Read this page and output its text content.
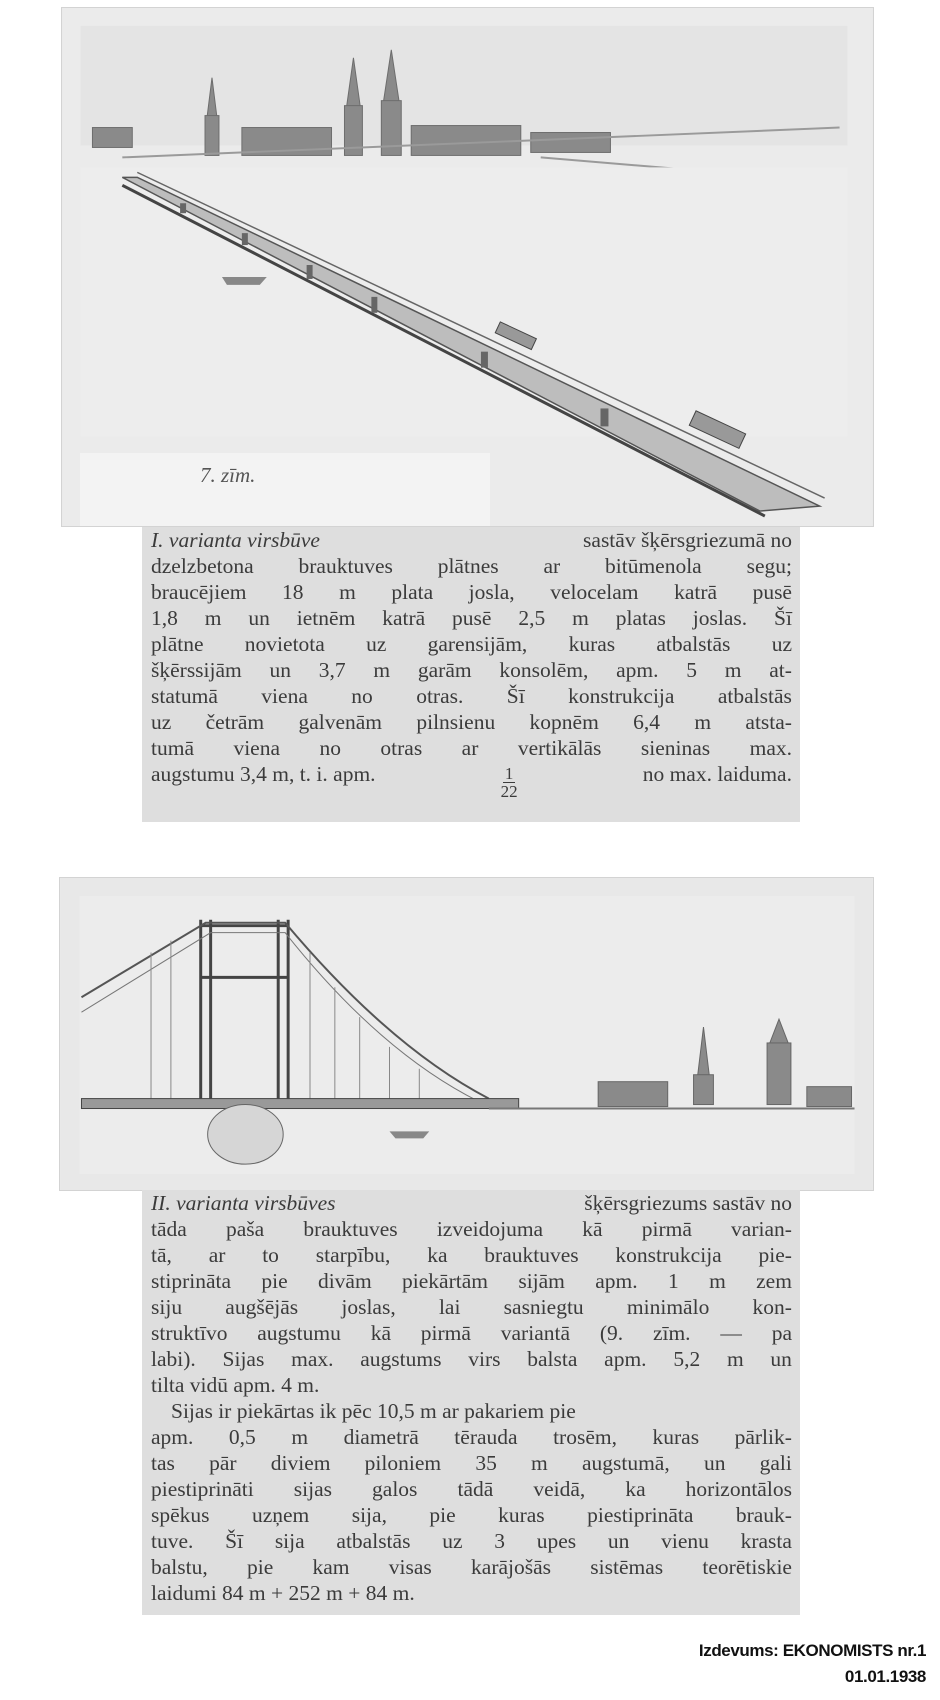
7. zīm.
I. varianta virsbūve	sastāv šķērsgriezumā no
dzelzbetona brauktuves plātnes ar bitūmenola segu;
braucējiem 18 m plata josla, velocelam katrā pusē
1,8 m un ietnēm katrā pusē 2,5 m platas joslas. Šī
plātne novietota uz garensijām, kuras atbalstās uz
šķērssijām un 3,7 m garām konsolēm, apm. 5 m at-
statumā viena no otras. Šī konstrukcija atbalstās
uz četrām galvenām pilnsienu kopnēm 6,4 m atsta-
tumā viena no otras ar vertikālās sieninas max.
augstumu 3,4 m, t. i. apm.	$\frac{1}{22}$	no max. laiduma.
II. varianta virsbūves	šķērsgriezums sastāv no
tāda paša brauktuves izveidojuma kā pirmā varian-
tā, ar to starpību, ka brauktuves konstrukcija pie-
stiprināta pie divām piekārtām sijām apm. 1 m zem
siju augšējās joslas, lai sasniegtu minimālo kon-
struktīvo augstumu kā pirmā variantā (9. zīm. — pa
labi). Sijas max. augstums virs balsta apm. 5,2 m un
tilta vidū apm. 4 m.
Sijas ir piekārtas ik pēc 10,5 m ar pakariem pie
apm. 0,5 m diametrā tērauda trosēm, kuras pārlik-
tas pār diviem piloniem 35 m augstumā, un gali
piestiprināti sijas galos tādā veidā, ka horizontālos
spēkus uzņem sija, pie kuras piestiprināta brauk-
tuve. Šī sija atbalstās uz 3 upes un vienu krasta
balstu, pie kam visas karājošās sistēmas teorētiskie
laidumi 84 m + 252 m + 84 m.
Izdevums: EKONOMISTS nr.1
01.01.1938
